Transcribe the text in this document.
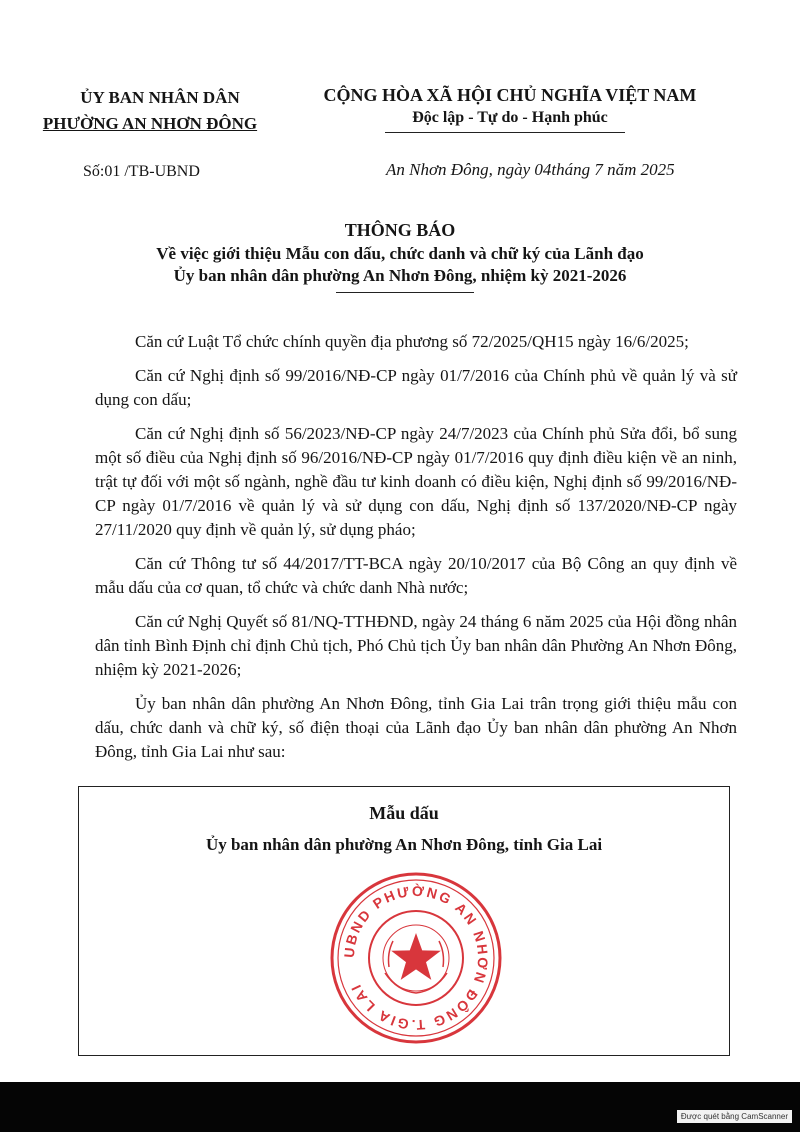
ỦY BAN NHÂN DÂN
PHƯỜNG AN NHƠN ĐÔNG
CỘNG HÒA XÃ HỘI CHỦ NGHĨA VIỆT NAM
Độc lập - Tự do - Hạnh phúc
Số:01 /TB-UBND	An Nhơn Đông, ngày 04tháng 7 năm 2025
THÔNG BÁO
Về việc giới thiệu Mẫu con dấu, chức danh và chữ ký của Lãnh đạo
Ủy ban nhân dân phường An Nhơn Đông, nhiệm kỳ 2021-2026

Căn cứ Luật Tổ chức chính quyền địa phương số 72/2025/QH15 ngày 16/6/2025;

Căn cứ Nghị định số 99/2016/NĐ-CP ngày 01/7/2016 của Chính phủ về quản lý và sử dụng con dấu;

Căn cứ Nghị định số 56/2023/NĐ-CP ngày 24/7/2023 của Chính phủ Sửa đổi, bổ sung một số điều của Nghị định số 96/2016/NĐ-CP ngày 01/7/2016 quy định điều kiện về an ninh, trật tự đối với một số ngành, nghề đầu tư kinh doanh có điều kiện, Nghị định số 99/2016/NĐ-CP ngày 01/7/2016 về quản lý và sử dụng con dấu, Nghị định số 137/2020/NĐ-CP ngày 27/11/2020 quy định về quản lý, sử dụng pháo;

Căn cứ Thông tư số 44/2017/TT-BCA ngày 20/10/2017 của Bộ Công an quy định về mẫu dấu của cơ quan, tổ chức và chức danh Nhà nước;

Căn cứ Nghị Quyết số 81/NQ-TTHĐND, ngày 24 tháng 6 năm 2025 của Hội đồng nhân dân tỉnh Bình Định chỉ định Chủ tịch, Phó Chủ tịch Ủy ban nhân dân Phường An Nhơn Đông, nhiệm kỳ 2021-2026;

Ủy ban nhân dân phường An Nhơn Đông, tỉnh Gia Lai trân trọng giới thiệu mẫu con dấu, chức danh và chữ ký, số điện thoại của Lãnh đạo Ủy ban nhân dân phường An Nhơn Đông, tỉnh Gia Lai như sau:

Mẫu dấu
Ủy ban nhân dân phường An Nhơn Đông, tỉnh Gia Lai
UBND PHƯỜNG AN NHƠN ĐÔNG T.GIA LAI
Được quét bằng CamScanner
